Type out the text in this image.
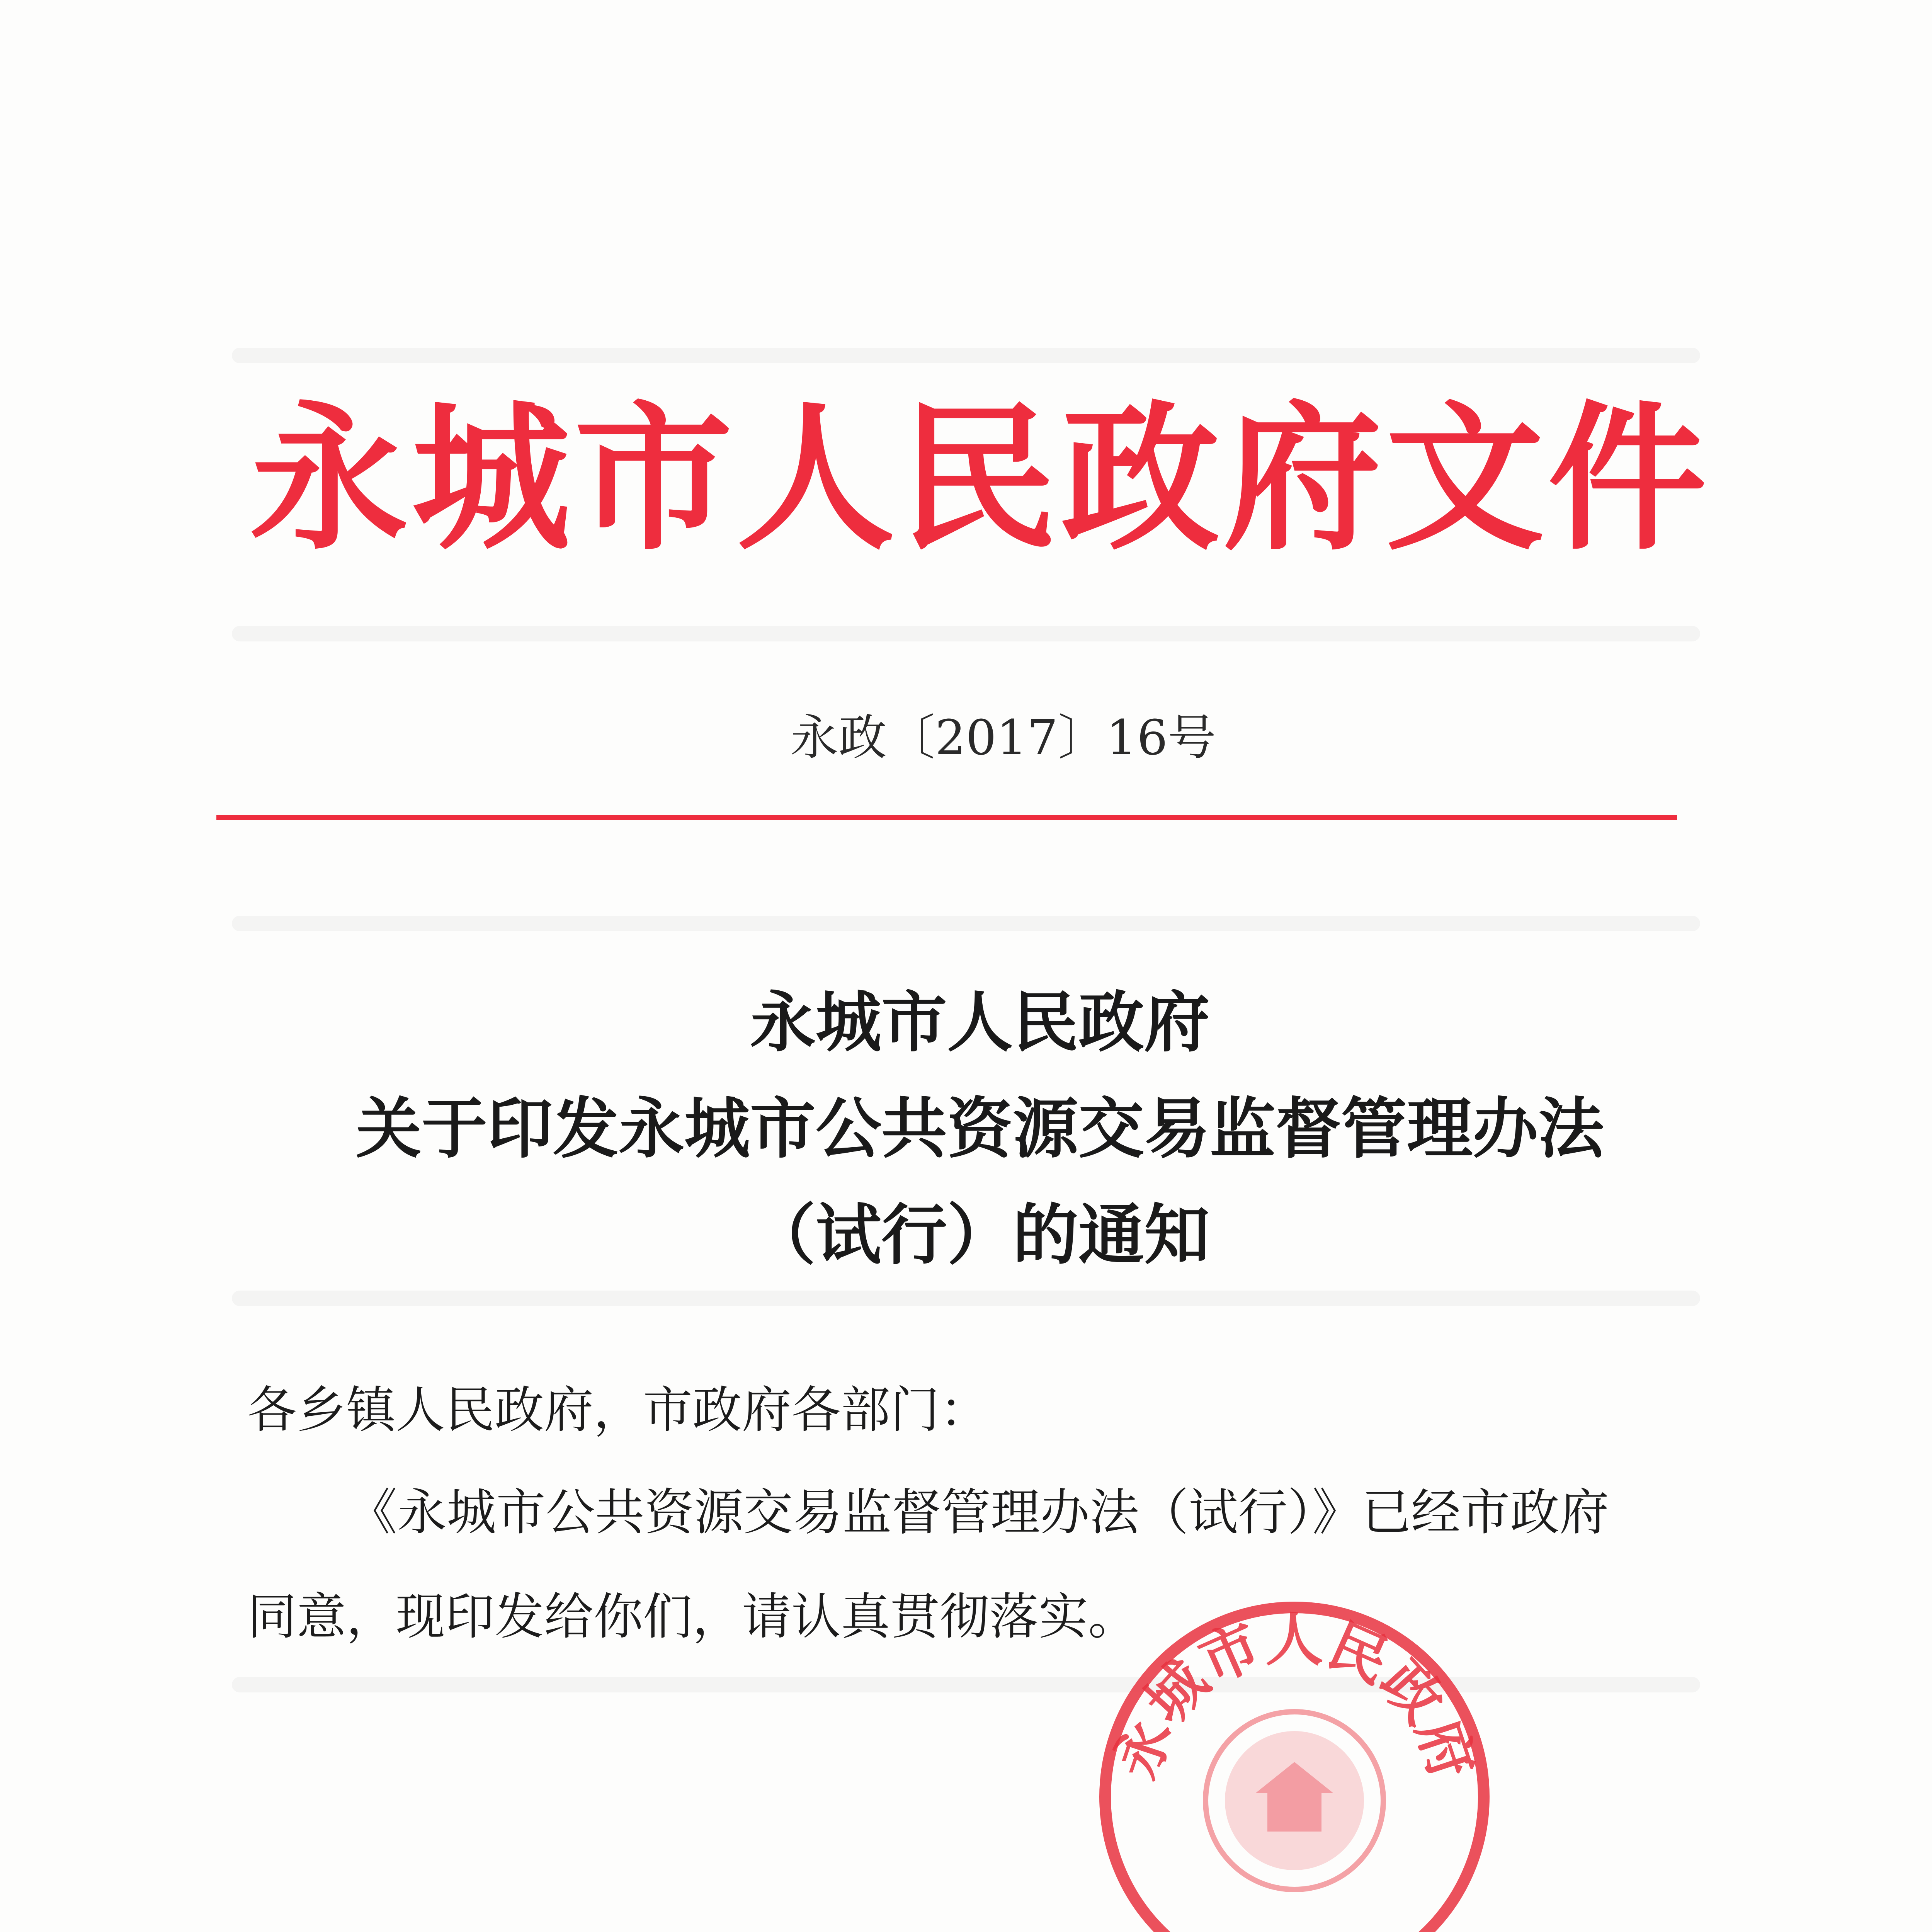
永城市人民政府文件
永政〔2017〕16号
永城市人民政府
关于印发永城市公共资源交易监督管理办法
（试行）的通知
各乡镇人民政府，市政府各部门：
《永城市公共资源交易监督管理办法（试行）》已经市政府
同意，现印发给你们，请认真贯彻落实。
永城市人民政府
